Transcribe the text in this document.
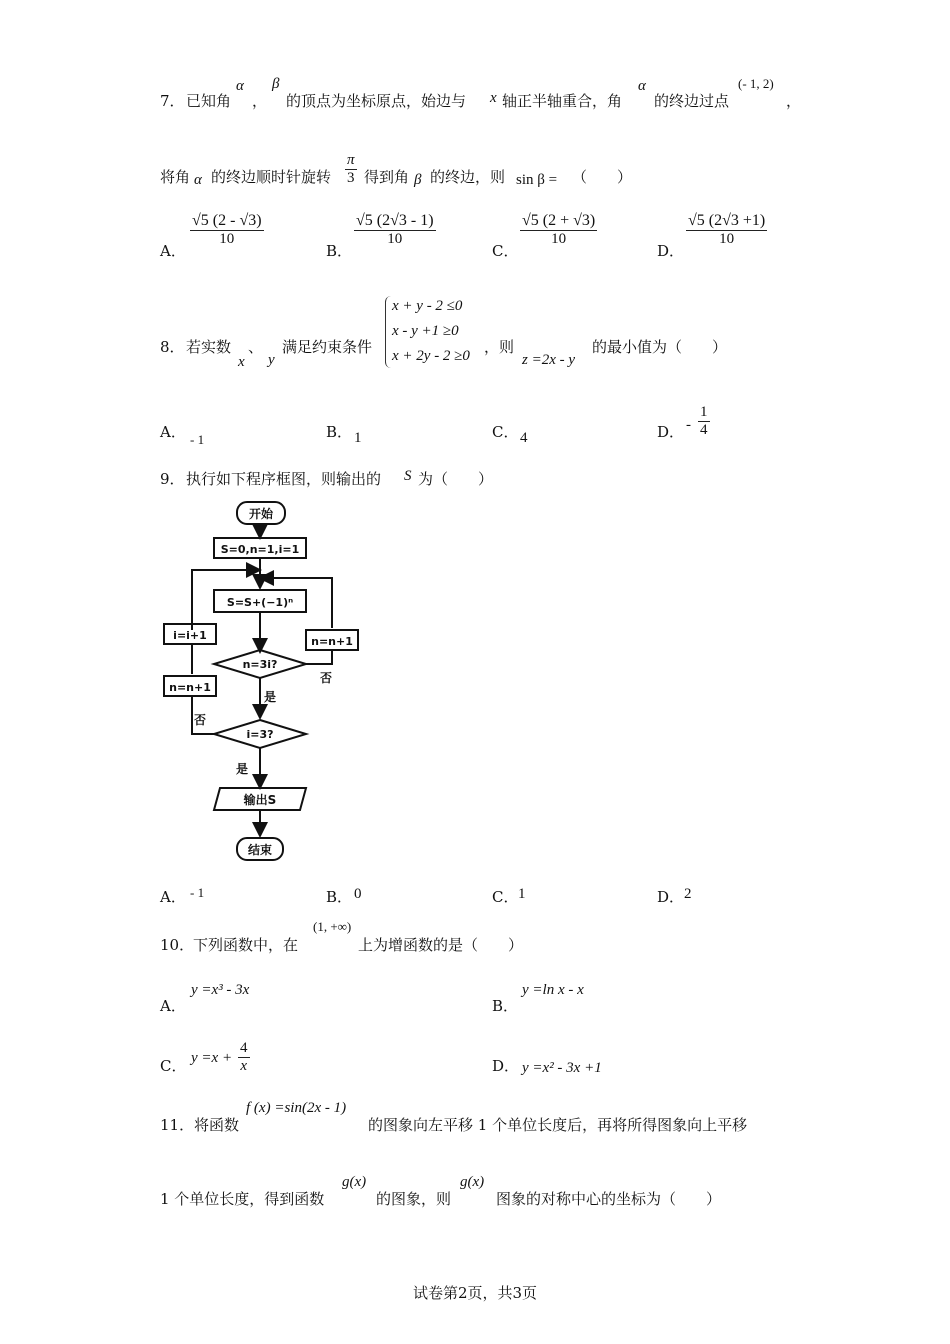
7． 已知角
α
，
β
的顶点为坐标原点，始边与 x 轴正半轴重合，角
α
的终边过点
(- 1, 2)
，
将角 α 的终边顺时针旋转 $\frac{\pi}{3}$ 得到角 β 的终边，则 sin β = （　　）
A．
$\frac{√5 (2 - √3)}{10}$
B．
$\frac{√5 (2√3 - 1)}{10}$
C．
$\frac{√5 (2 + √3)}{10}$
D．
$\frac{√5 (2√3 +1)}{10}$
8． 若实数
x
、
y
满足约束条件
x + y - 2 ≤0
x - y +1 ≥0
x + 2y - 2 ≥0 ，则
z =2x - y
的最小值为（　　）
A． - 1	B． 1	C． 4	D． - $\frac{1}{4}$
9． 执行如下程序框图，则输出的 S 为（　　）
开始
S=0,n=1,i=1
S=S+(−1)ⁿ
i=i+1
n=n+1
n=n+1
n=3i?
i=3?
是
否
是
否
输出S
结束
A． - 1	B． 0	C． 1	D． 2
10．
下列函数中，在
(1, +∞)
上为增函数的是（　　）
A．
y =x³ - 3x
B．
y =ln x - x
C． $y =x + \frac{4}{x}$	D． y =x² - 3x +1
11． 将函数
f (x) =sin(2x - 1)
的图象向左平移 1 个单位长度后，再将所得图象向上平移
1 个单位长度，得到函数
g(x)
的图象，则
g(x)
图象的对称中心的坐标为（　　）
试卷第2页，共3页
